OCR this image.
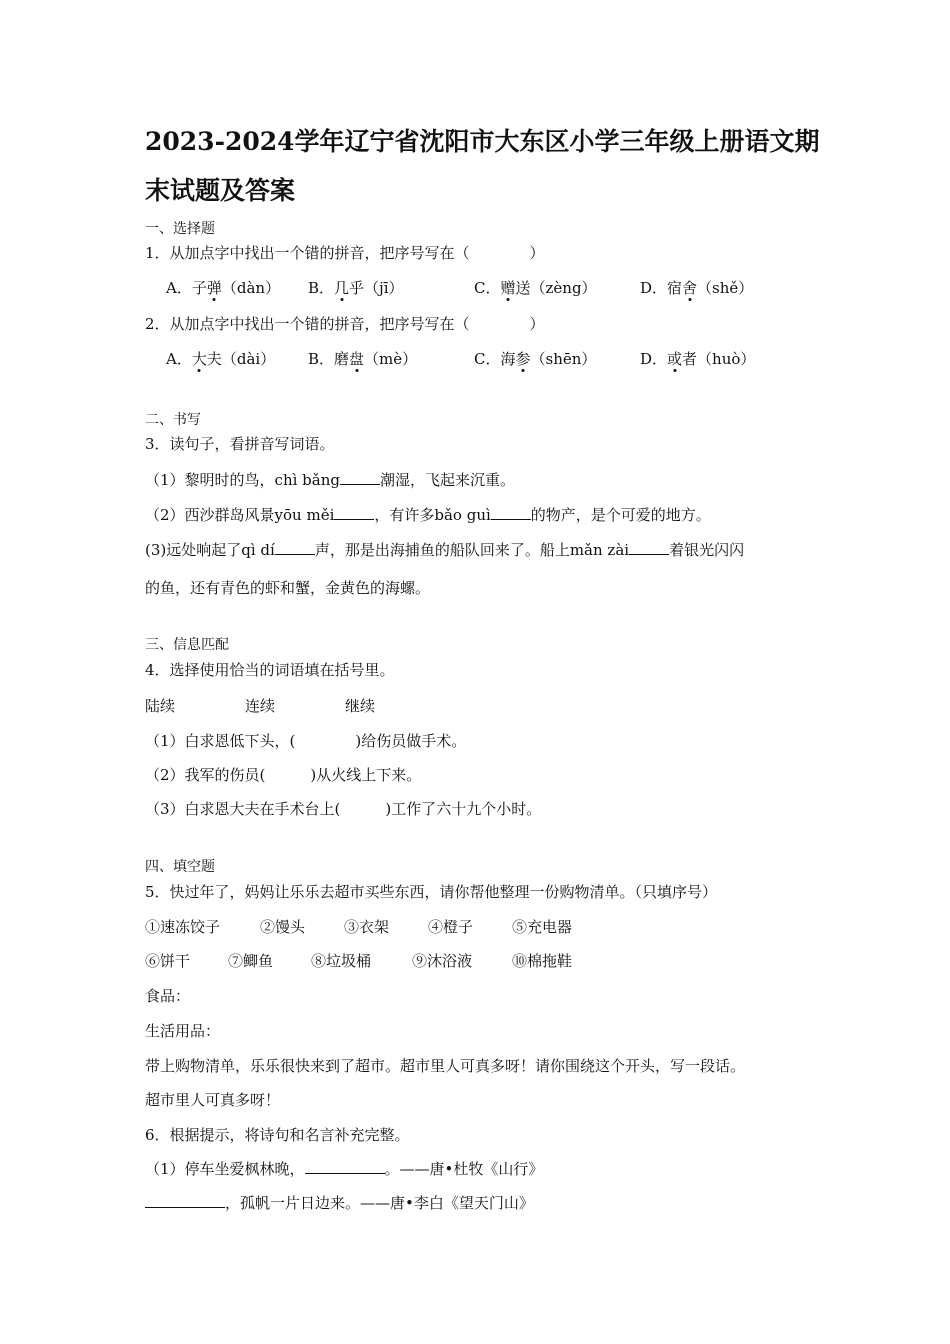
2023-2024学年辽宁省沈阳市大东区小学三年级上册语文期
末试题及答案
一、选择题
1．从加点字中找出一个错的拼音，把序号写在（　　　　）
A．子弹（dàn） B．几乎（jī）	C．赠送（zèng）	D．宿舍（shě）
2．从加点字中找出一个错的拼音，把序号写在（　　　　）
A．大夫（dài） B．磨盘（mè）	C．海参（shēn）	D．或者（huò）
二、书写
3．读句子，看拼音写词语。
（1）黎明时的鸟，chì bǎng	潮湿，飞起来沉重。
（2）西沙群岛风景yōu měi	，有许多bǎo guì	的物产，是个可爱的地方。
(3)远处响起了qì dí	声，那是出海捕鱼的船队回来了。船上mǎn zài	着银光闪闪
的鱼，还有青色的虾和蟹，金黄色的海螺。
三、信息匹配
4．选择使用恰当的词语填在括号里。
陆续	连续	继续
（1）白求恩低下头，(　　　　)给伤员做手术。
（2）我军的伤员(　　　)从火线上下来。
（3）白求恩大夫在手术台上(　　　)工作了六十九个小时。
四、填空题
5．快过年了，妈妈让乐乐去超市买些东西，请你帮他整理一份购物清单。（只填序号）
①速冻饺子	②馒头	③衣架	④橙子	⑤充电器
⑥饼干	⑦鲫鱼	⑧垃圾桶	⑨沐浴液	⑩棉拖鞋
食品：
生活用品：
带上购物清单，乐乐很快来到了超市。超市里人可真多呀！请你围绕这个开头，写一段话。
超市里人可真多呀！
6．根据提示，将诗句和名言补充完整。
（1）停车坐爱枫林晚，	。——唐•杜牧《山行》
，孤帆一片日边来。——唐•李白《望天门山》
